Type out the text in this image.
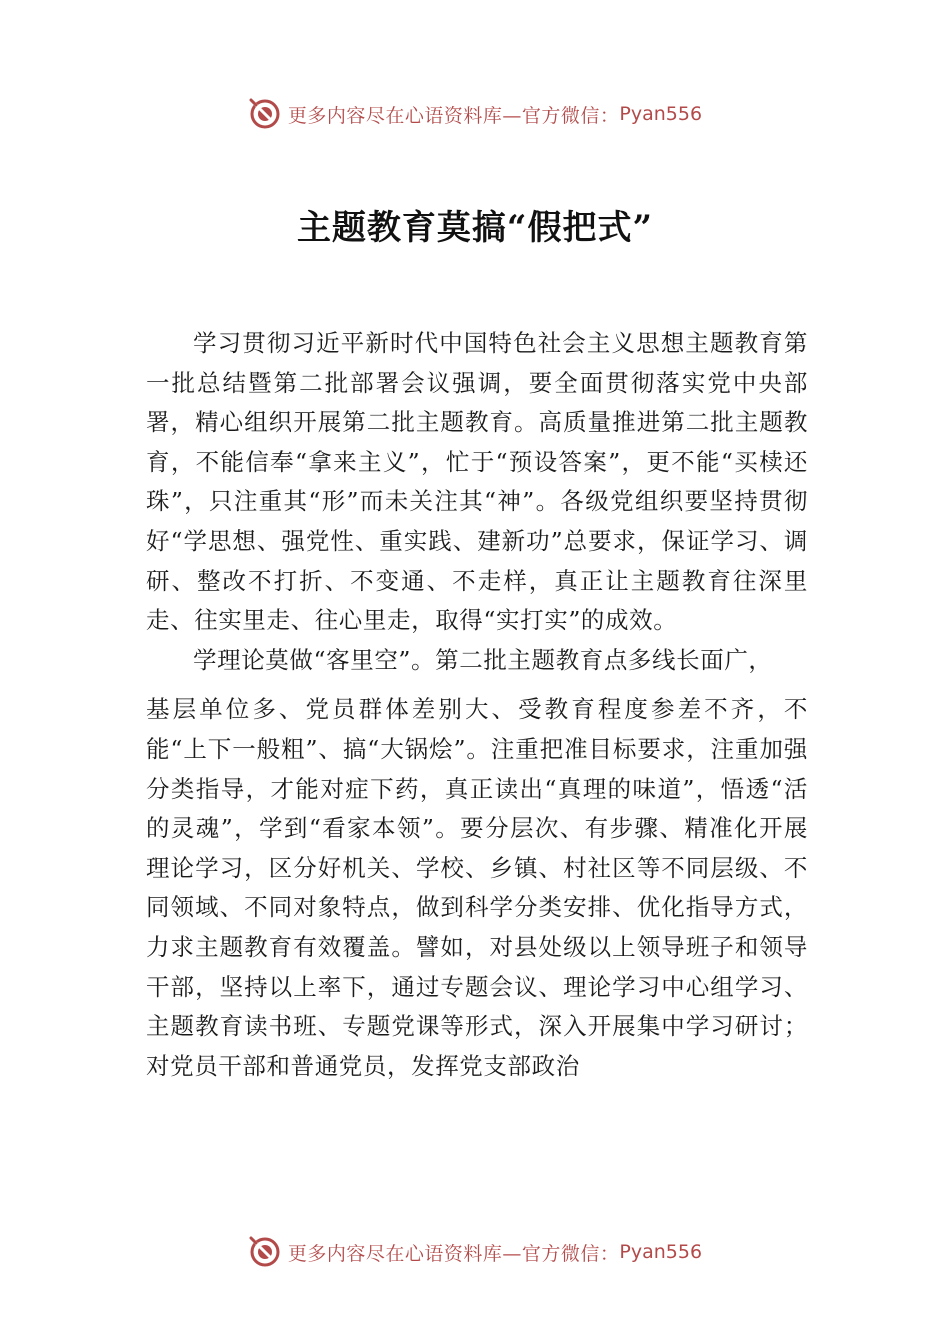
更多内容尽在心语资料库—官方微信： Pyan556
主题教育莫搞“假把式”

学习贯彻习近平新时代中国特色社会主义思想主题教育第一批总结暨第二批部署会议强调，要全面贯彻落实党中央部署，精心组织开展第二批主题教育。高质量推进第二批主题教育，不能信奉“拿来主义”，忙于“预设答案”，更不能“买椟还珠”，只注重其“形”而未关注其“神”。各级党组织要坚持贯彻好“学思想、强党性、重实践、建新功”总要求，保证学习、调研、整改不打折、不变通、不走样，真正让主题教育往深里走、往实里走、往心里走，取得“实打实”的成效。

学理论莫做“客里空”。第二批主题教育点多线长面广，

基层单位多、党员群体差别大、受教育程度参差不齐，不能“上下一般粗”、搞“大锅烩”。注重把准目标要求，注重加强分类指导，才能对症下药，真正读出“真理的味道”，悟透“活的灵魂”，学到“看家本领”。要分层次、有步骤、精准化开展理论学习，区分好机关、学校、乡镇、村社区等不同层级、不同领域、不同对象特点，做到科学分类安排、优化指导方式，力求主题教育有效覆盖。譬如，对县处级以上领导班子和领导干部，坚持以上率下，通过专题会议、理论学习中心组学习、主题教育读书班、专题党课等形式，深入开展集中学习研讨；对党员干部和普通党员，发挥党支部政治

更多内容尽在心语资料库—官方微信： Pyan556
